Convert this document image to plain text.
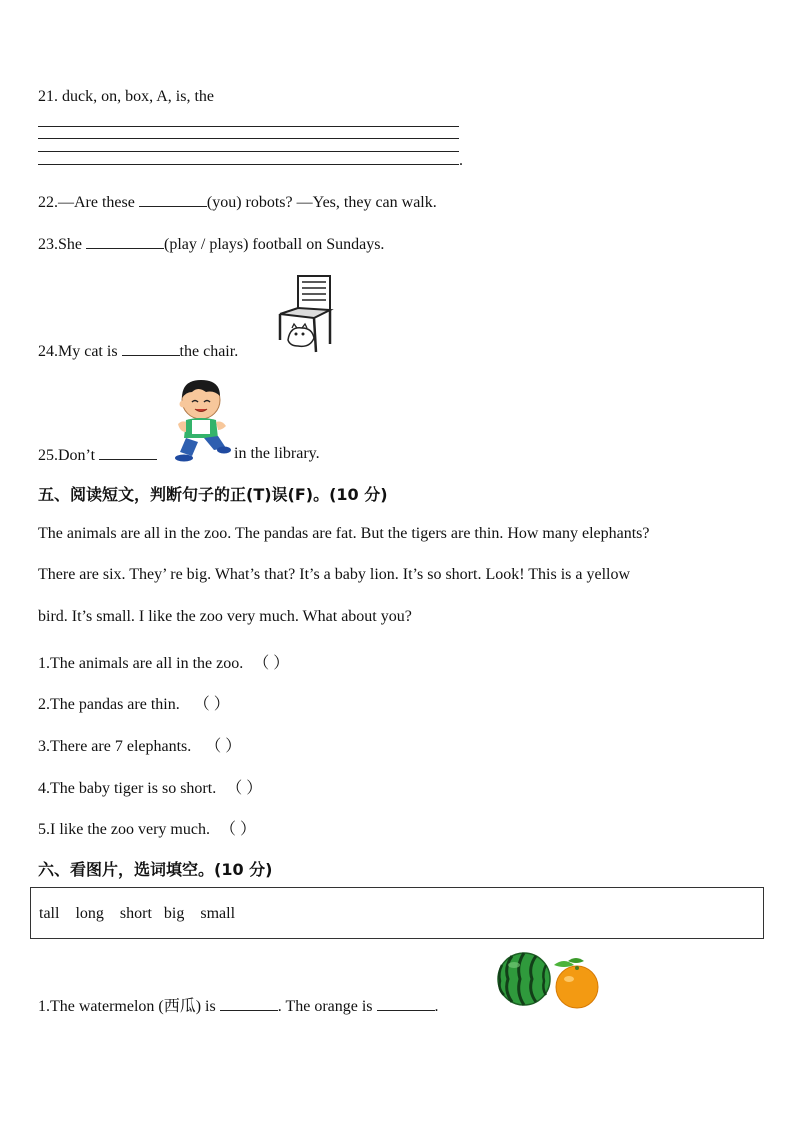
21. duck, on, box, A, is, the
.
22.—Are these	(you) robots? —Yes, they can walk.
23.She	(play / plays) football on Sundays.
24.My cat is	the chair.
25.Don’t	in the library.
五、阅读短文，判断句子的正(T)误(F)。(10 分)
The animals are all in the zoo. The pandas are fat. But the tigers are thin. How many elephants?
There are six. They’ re big. What’s that? It’s a baby lion. It’s so short. Look! This is a yellow
bird. It’s small. I like the zoo very much. What about you?
1.The animals are all in the zoo. （ ）
2.The pandas are thin. （ ）
3.There are 7 elephants. （ ）
4.The baby tiger is so short. （ ）
5.I like the zoo very much. （ ）
六、看图片，选词填空。(10 分)
tall long short big small
1.The watermelon (西瓜) is	. The orange is	.
